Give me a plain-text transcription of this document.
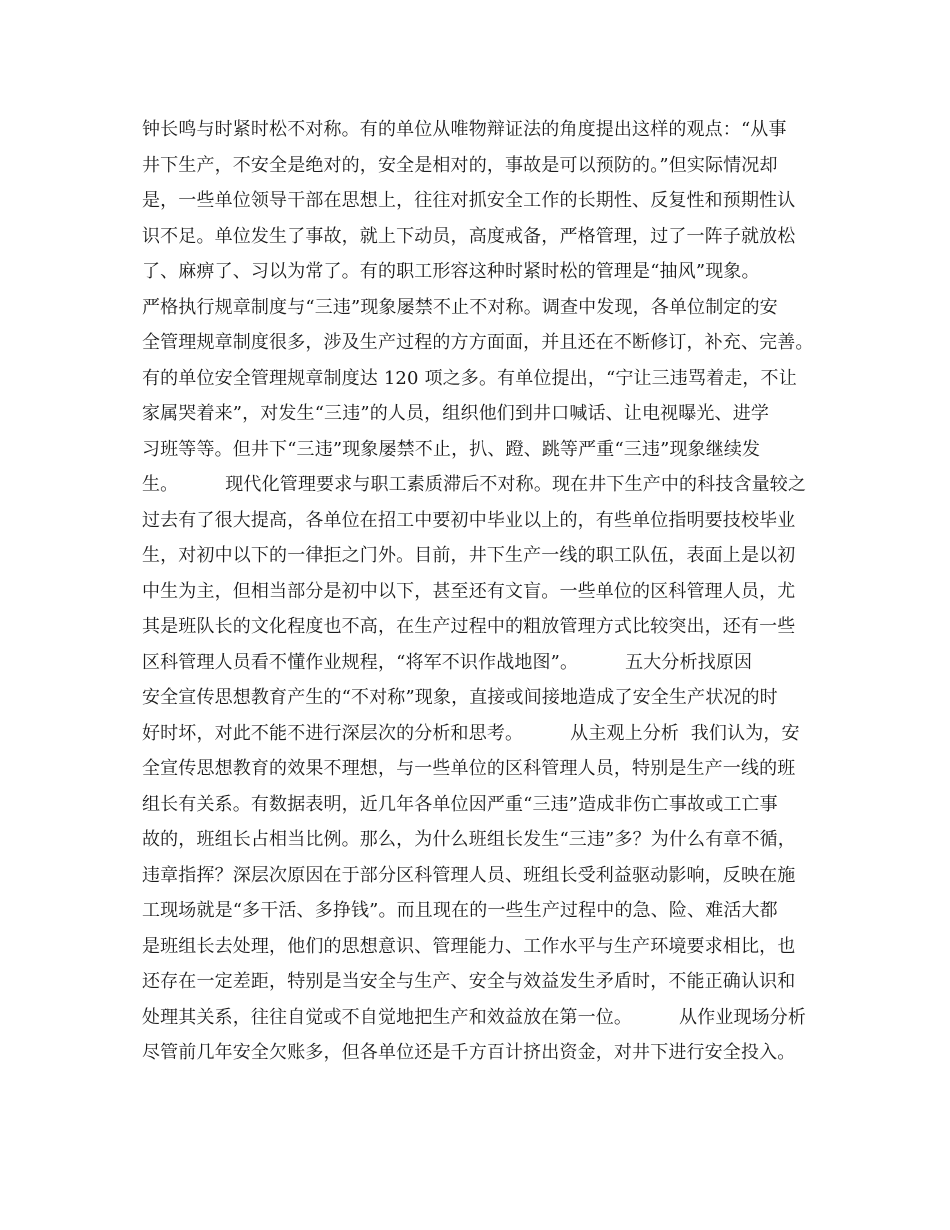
钟长鸣与时紧时松不对称。有的单位从唯物辩证法的角度提出这样的观点：“从事
井下生产，不安全是绝对的，安全是相对的，事故是可以预防的。”但实际情况却
是，一些单位领导干部在思想上，往往对抓安全工作的长期性、反复性和预期性认
识不足。单位发生了事故，就上下动员，高度戒备，严格管理，过了一阵子就放松
了、麻痹了、习以为常了。有的职工形容这种时紧时松的管理是“抽风”现象。
严格执行规章制度与“三违”现象屡禁不止不对称。调查中发现，各单位制定的安
全管理规章制度很多，涉及生产过程的方方面面，并且还在不断修订，补充、完善。
有的单位安全管理规章制度达 120 项之多。有单位提出，“宁让三违骂着走，不让
家属哭着来”，对发生“三违”的人员，组织他们到井口喊话、让电视曝光、进学
习班等等。但井下“三违”现象屡禁不止，扒、蹬、跳等严重“三违”现象继续发
生。        现代化管理要求与职工素质滞后不对称。现在井下生产中的科技含量较之
过去有了很大提高，各单位在招工中要初中毕业以上的，有些单位指明要技校毕业
生，对初中以下的一律拒之门外。目前，井下生产一线的职工队伍，表面上是以初
中生为主，但相当部分是初中以下，甚至还有文盲。一些单位的区科管理人员，尤
其是班队长的文化程度也不高，在生产过程中的粗放管理方式比较突出，还有一些
区科管理人员看不懂作业规程，“将军不识作战地图”。        五大分析找原因
安全宣传思想教育产生的“不对称”现象，直接或间接地造成了安全生产状况的时
好时坏，对此不能不进行深层次的分析和思考。        从主观上分析  我们认为，安
全宣传思想教育的效果不理想，与一些单位的区科管理人员，特别是生产一线的班
组长有关系。有数据表明，近几年各单位因严重“三违”造成非伤亡事故或工亡事
故的，班组长占相当比例。那么，为什么班组长发生“三违”多？为什么有章不循，
违章指挥？深层次原因在于部分区科管理人员、班组长受利益驱动影响，反映在施
工现场就是“多干活、多挣钱”。而且现在的一些生产过程中的急、险、难活大都
是班组长去处理，他们的思想意识、管理能力、工作水平与生产环境要求相比，也
还存在一定差距，特别是当安全与生产、安全与效益发生矛盾时，不能正确认识和
处理其关系，往往自觉或不自觉地把生产和效益放在第一位。        从作业现场分析
尽管前几年安全欠账多，但各单位还是千方百计挤出资金，对井下进行安全投入。
